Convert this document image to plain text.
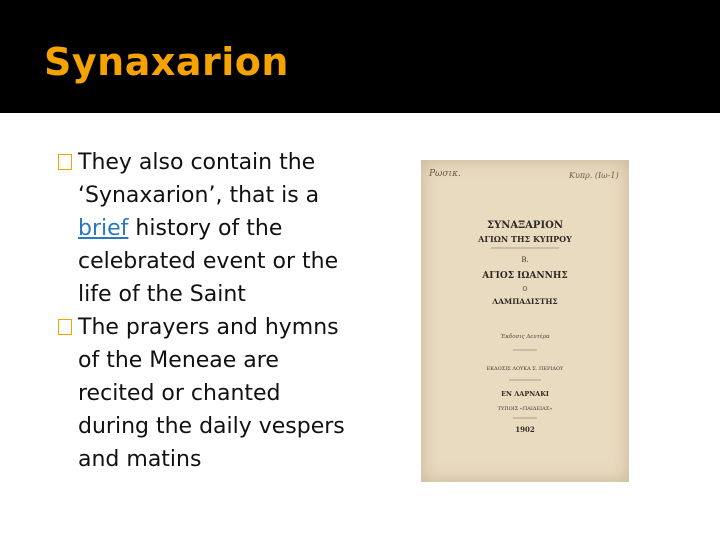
Synaxarion

They also contain the ‘Synaxarion’, that is a brief history of the celebrated event or the life of the Saint

The prayers and hymns of the Meneae are recited or chanted during the daily vespers and matins

Ρωσικ.	Κυπρ. (Ιω-1)
ΣΥΝΑΞΑΡΙΟΝ
ΑΓΙΩΝ ΤΗΣ ΚΥΠΡΟΥ
Β.
ΑΓΙΟΣ ΙΩΑΝΝΗΣ
Ο
ΛΑΜΠΑΔΙΣΤΗΣ
Έκδοσις Δευτέρα
ΕΚΔΟΣΙΣ ΛΟΥΚΑ Σ. ΠΕΡΙΔΟΥ
ΕΝ ΛΑΡΝΑΚΙ
ΤΥΠΟΙΣ «ΠΑΙΔΕΙΑΣ»
1902
